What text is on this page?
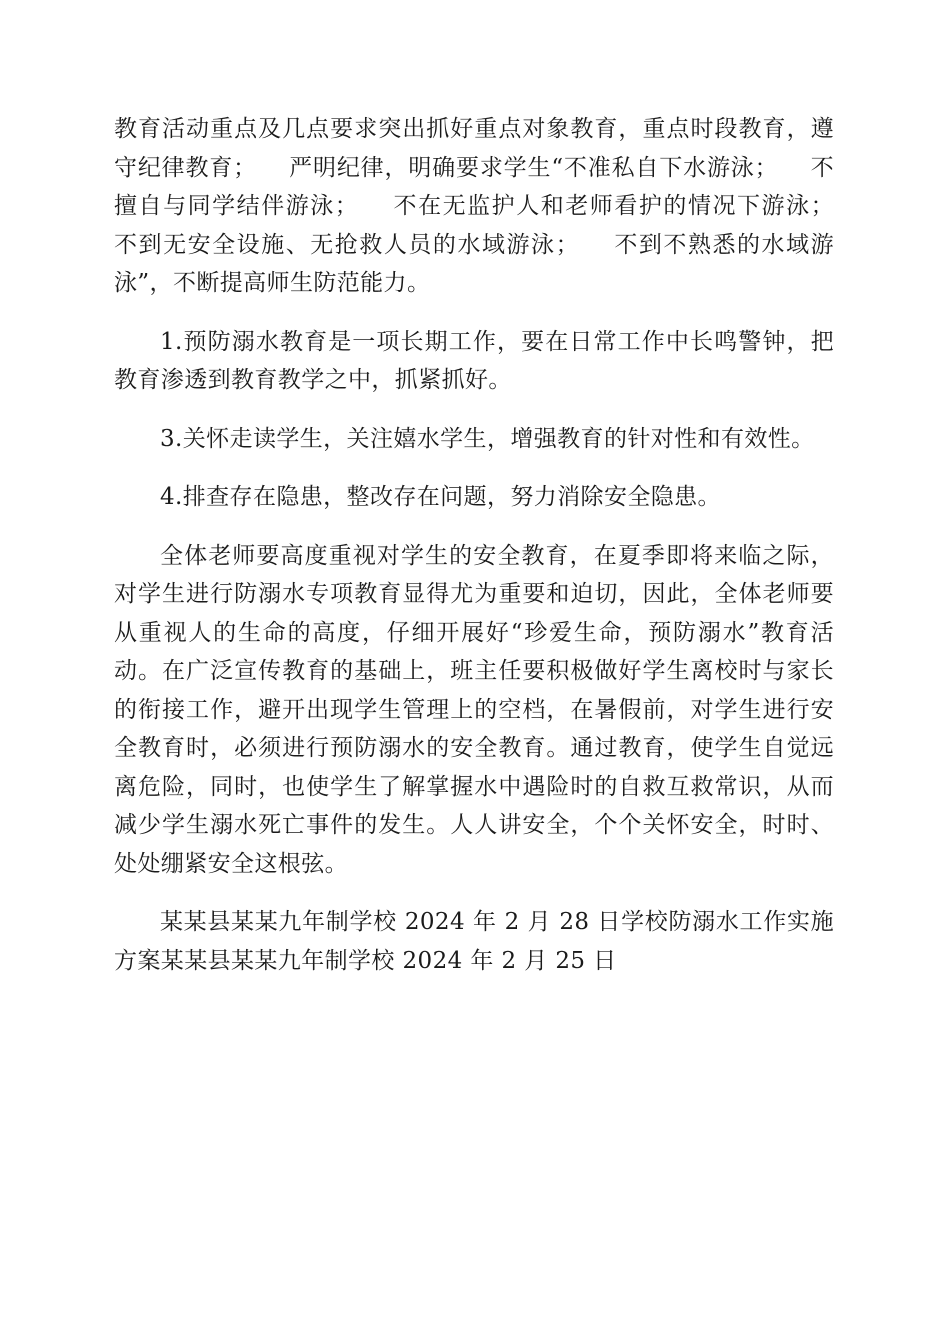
教育活动重点及几点要求突出抓好重点对象教育，重点时段教育，遵守纪律教育；    严明纪律，明确要求学生“不准私自下水游泳；    不擅自与同学结伴游泳；    不在无监护人和老师看护的情况下游泳；    不到无安全设施、无抢救人员的水域游泳；    不到不熟悉的水域游泳”，不断提高师生防范能力。

1.预防溺水教育是一项长期工作，要在日常工作中长鸣警钟，把教育渗透到教育教学之中，抓紧抓好。

3.关怀走读学生，关注嬉水学生，增强教育的针对性和有效性。

4.排查存在隐患，整改存在问题，努力消除安全隐患。

全体老师要高度重视对学生的安全教育，在夏季即将来临之际，对学生进行防溺水专项教育显得尤为重要和迫切，因此，全体老师要从重视人的生命的高度，仔细开展好“珍爱生命，预防溺水”教育活动。在广泛宣传教育的基础上，班主任要积极做好学生离校时与家长的衔接工作，避开出现学生管理上的空档，在暑假前，对学生进行安全教育时，必须进行预防溺水的安全教育。通过教育，使学生自觉远离危险，同时，也使学生了解掌握水中遇险时的自救互救常识，从而减少学生溺水死亡事件的发生。人人讲安全，个个关怀安全，时时、处处绷紧安全这根弦。

某某县某某九年制学校 2024 年 2 月 28 日学校防溺水工作实施方案某某县某某九年制学校 2024 年 2 月 25 日
